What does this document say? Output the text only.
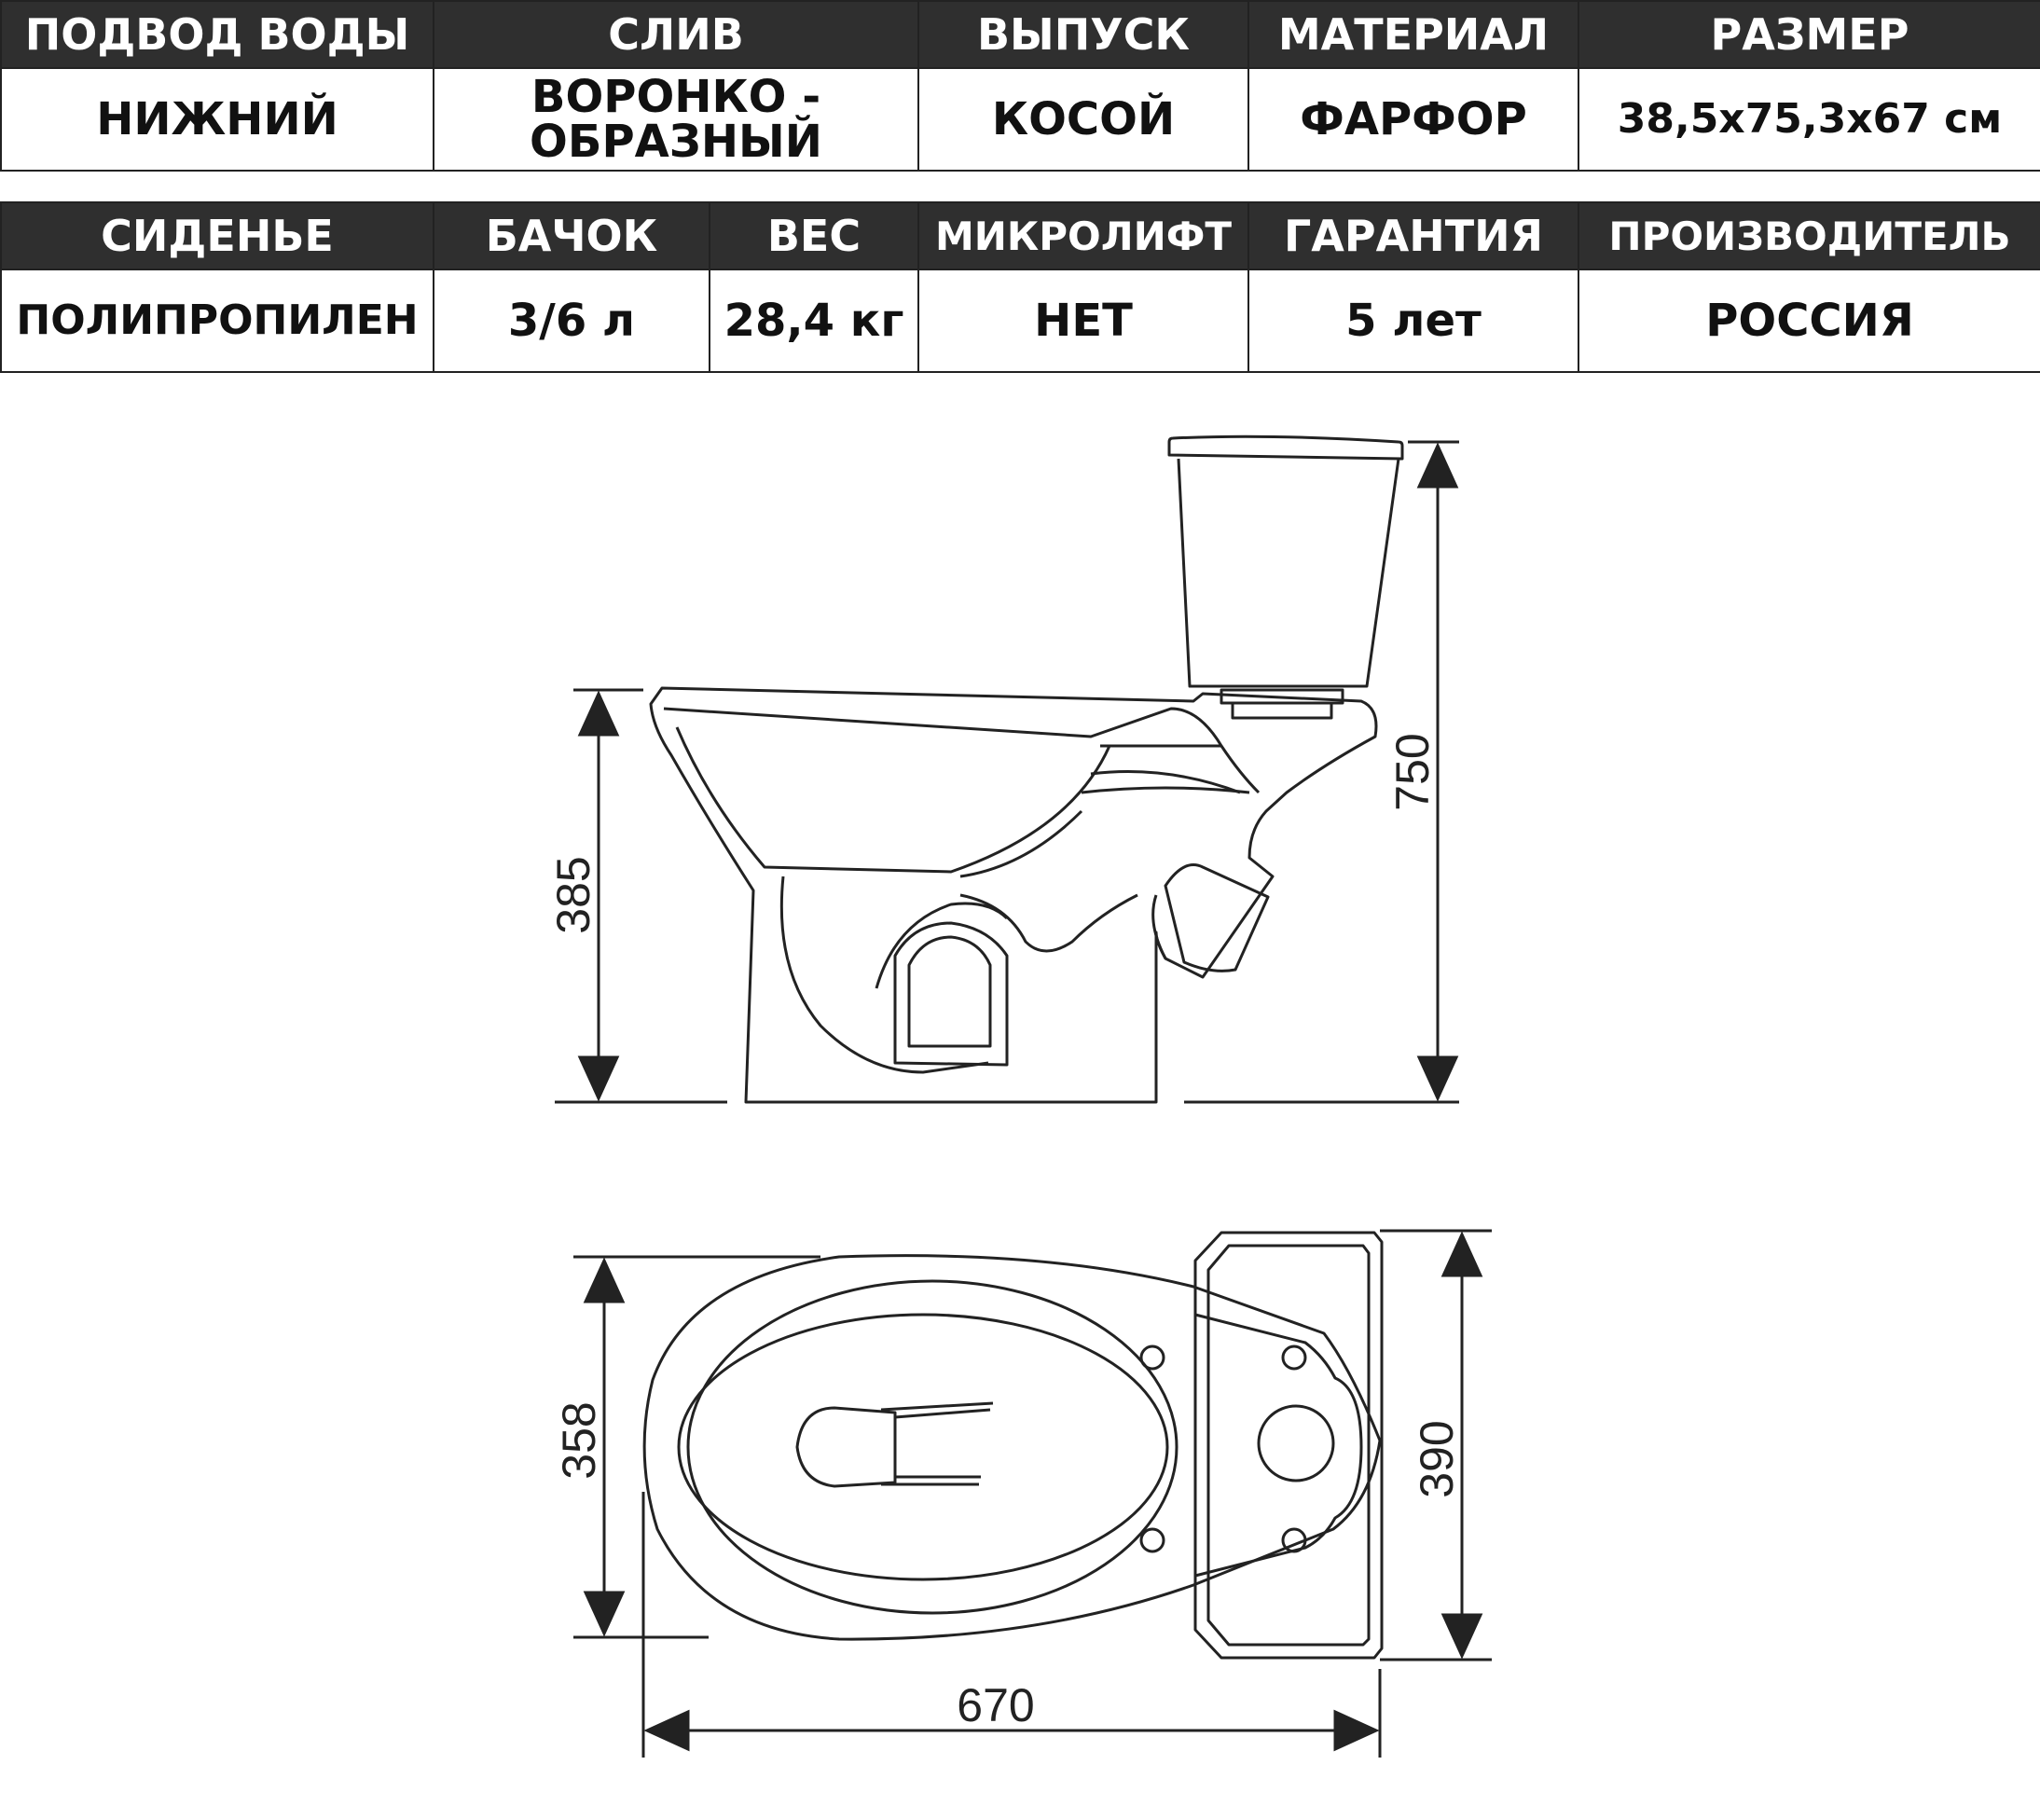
ПОДВОД ВОДЫ	СЛИВ	ВЫПУСК	МАТЕРИАЛ	РАЗМЕР
НИЖНИЙ	ВОРОНКО - ОБРАЗНЫЙ	КОСОЙ	ФАРФОР	38,5х75,3х67 см
СИДЕНЬЕ	БАЧОК	ВЕС	МИКРОЛИФТ	ГАРАНТИЯ	ПРОИЗВОДИТЕЛЬ
ПОЛИПРОПИЛЕН	3/6 л	28,4 кг	НЕТ	5 лет	РОССИЯ
385
750
358	390
670
